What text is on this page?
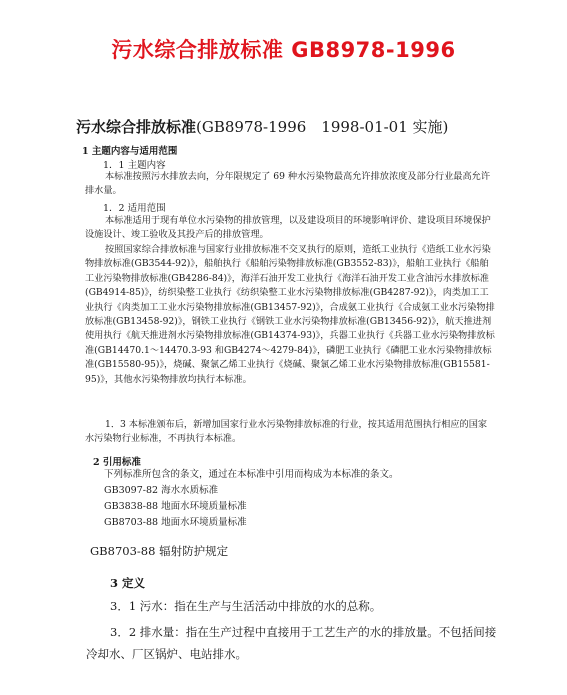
污水综合排放标准 GB8978-1996
污水综合排放标准(GB8978-1996　1998-01-01 实施)
1 主题内容与适用范围
1．1 主题内容
本标准按照污水排放去向，分年限规定了 69 种水污染物最高允许排放浓度及部分行业最高允许排水量。
1．2 适用范围
本标准适用于现有单位水污染物的排放管理，以及建设项目的环境影响评价、建设项目环境保护设施设计、竣工验收及其投产后的排放管理。
按照国家综合排放标准与国家行业排放标准不交叉执行的原则，造纸工业执行《造纸工业水污染物排放标准(GB3544-92)》，船舶执行《船舶污染物排放标准(GB3552-83)》，船舶工业执行《船舶工业污染物排放标准(GB4286-84)》，海洋石油开发工业执行《海洋石油开发工业含油污水排放标准(GB4914-85)》，纺织染整工业执行《纺织染整工业水污染物排放标准(GB4287-92)》，肉类加工工业执行《肉类加工工业水污染物排放标准(GB13457-92)》，合成氨工业执行《合成氨工业水污染物排放标准(GB13458-92)》，钢铁工业执行《钢铁工业水污染物排放标准(GB13456-92)》，航天推进剂使用执行《航天推进剂水污染物排放标准(GB14374-93)》，兵器工业执行《兵器工业水污染物排放标准(GB14470.1～14470.3-93 和GB4274～4279-84)》，磷肥工业执行《磷肥工业水污染物排放标准(GB15580-95)》，烧碱、聚氯乙烯工业执行《烧碱、聚氯乙烯工业水污染物排放标准(GB15581-95)》，其他水污染物排放均执行本标准。
1．3 本标准颁布后，新增加国家行业水污染物排放标准的行业，按其适用范围执行相应的国家水污染物行业标准，不再执行本标准。
2 引用标准
下列标准所包含的条文，通过在本标准中引用而构成为本标准的条文。
GB3097-82 海水水质标准
GB3838-88 地面水环境质量标准
GB8703-88 地面水环境质量标准
GB8703-88 辐射防护规定
3 定义
3．1 污水：指在生产与生活活动中排放的水的总称。
3．2 排水量：指在生产过程中直接用于工艺生产的水的排放量。不包括间接冷却水、厂区锅炉、电站排水。
